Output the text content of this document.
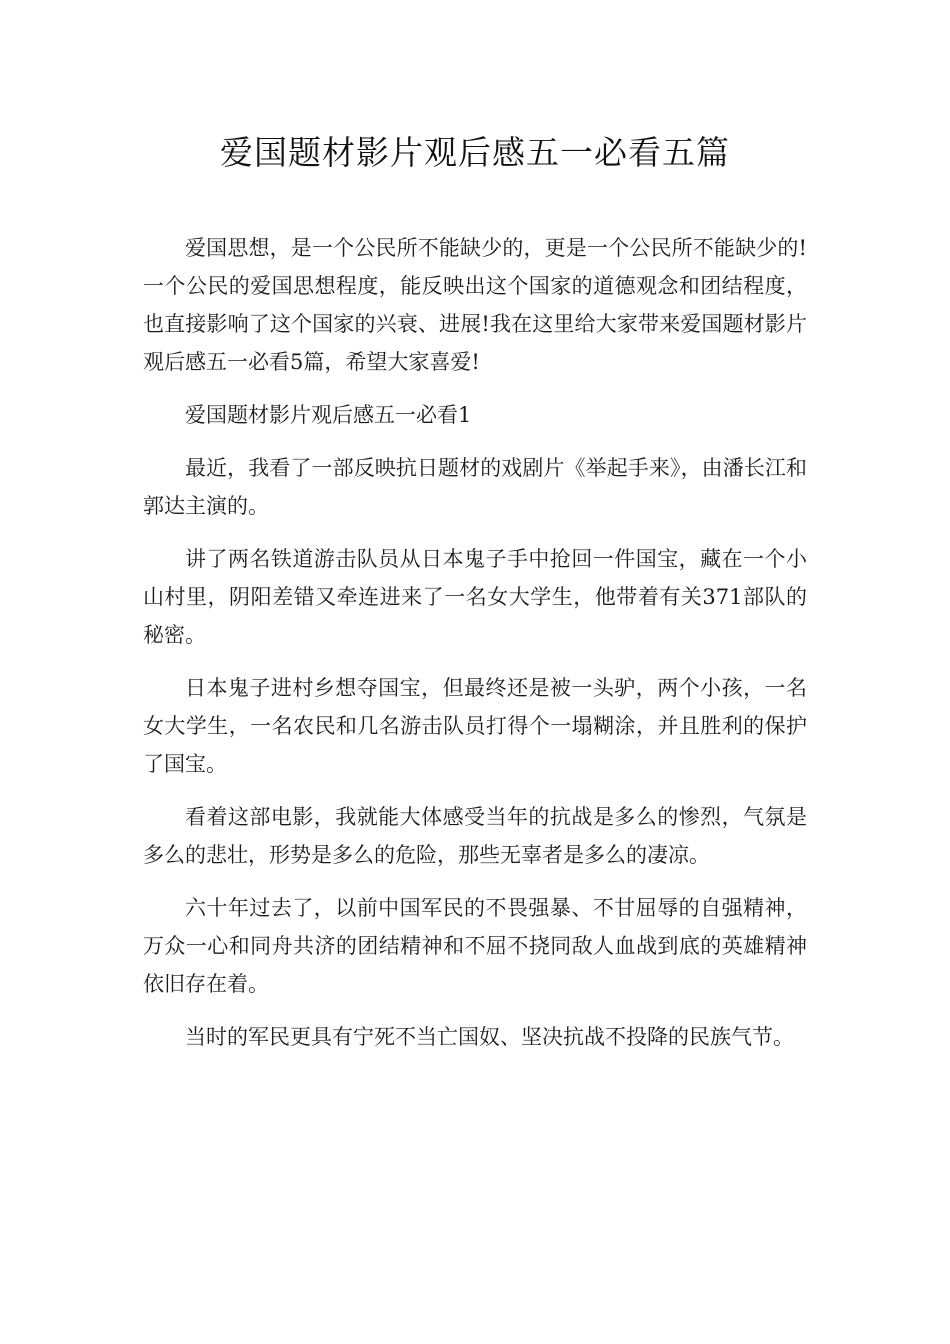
爱国题材影片观后感五一必看五篇

爱国思想，是一个公民所不能缺少的，更是一个公民所不能缺少的!一个公民的爱国思想程度，能反映出这个国家的道德观念和团结程度，也直接影响了这个国家的兴衰、进展!我在这里给大家带来爱国题材影片观后感五一必看5篇，希望大家喜爱!

爱国题材影片观后感五一必看1

最近，我看了一部反映抗日题材的戏剧片《举起手来》，由潘长江和郭达主演的。

讲了两名铁道游击队员从日本鬼子手中抢回一件国宝，藏在一个小山村里，阴阳差错又牵连进来了一名女大学生，他带着有关371部队的秘密。

日本鬼子进村乡想夺国宝，但最终还是被一头驴，两个小孩，一名女大学生，一名农民和几名游击队员打得个一塌糊涂，并且胜利的保护了国宝。

看着这部电影，我就能大体感受当年的抗战是多么的惨烈，气氛是多么的悲壮，形势是多么的危险，那些无辜者是多么的凄凉。

六十年过去了，以前中国军民的不畏强暴、不甘屈辱的自强精神，万众一心和同舟共济的团结精神和不屈不挠同敌人血战到底的英雄精神依旧存在着。

当时的军民更具有宁死不当亡国奴、坚决抗战不投降的民族气节。
